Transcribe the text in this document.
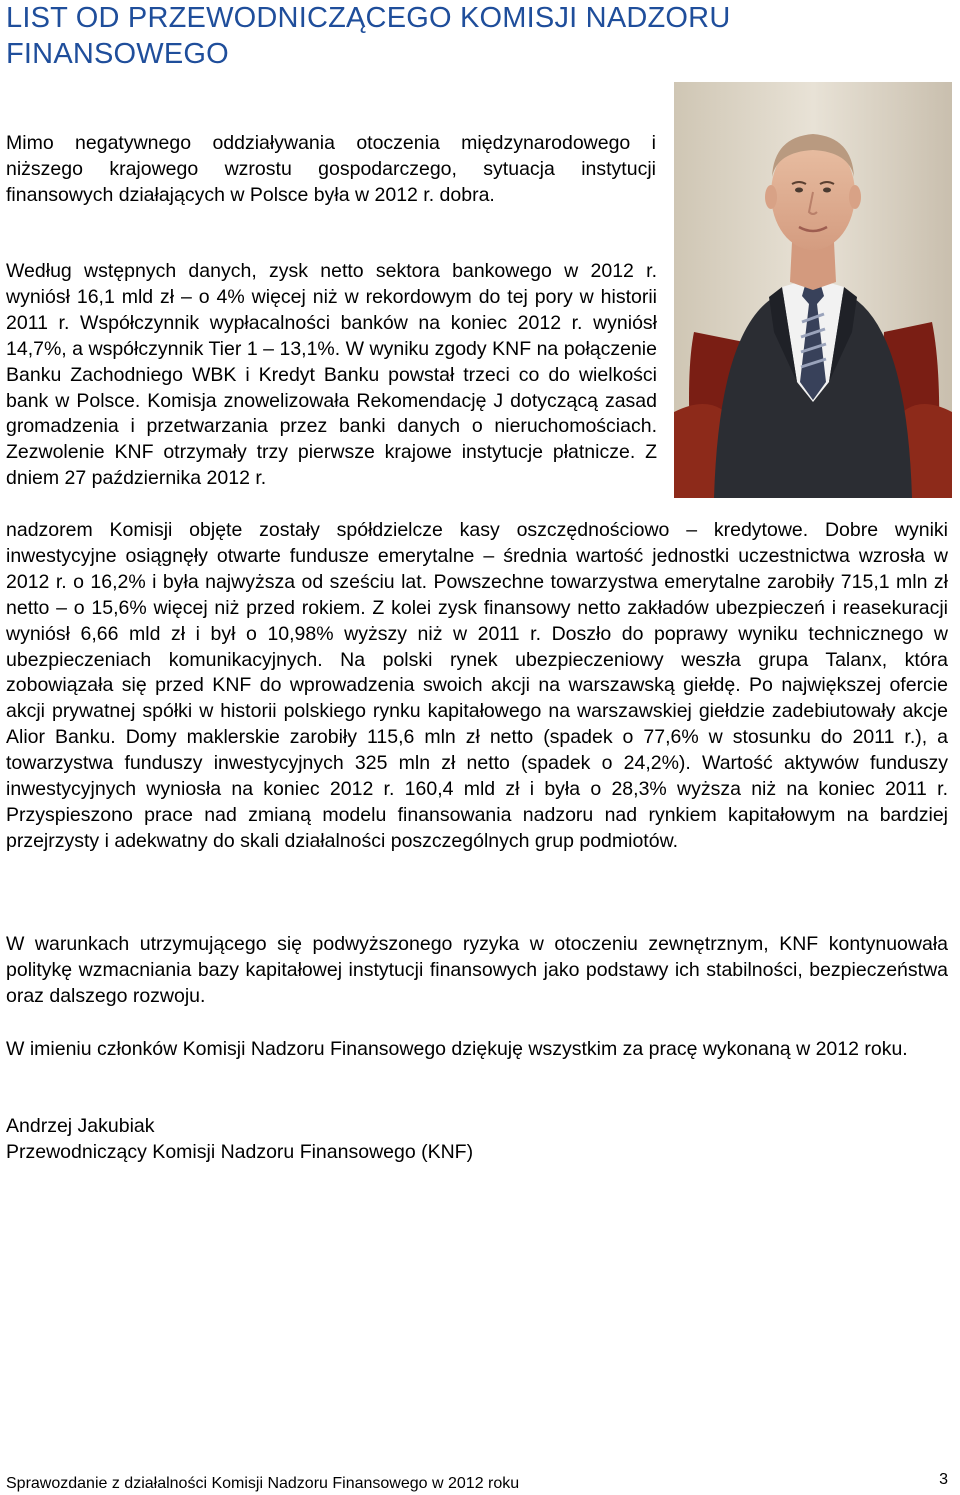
LIST OD PRZEWODNICZĄCEGO KOMISJI NADZORU FINANSOWEGO

Mimo negatywnego oddziaływania otoczenia międzynarodowego i niższego krajowego wzrostu gospodarczego, sytuacja instytucji finansowych działających w Polsce była w 2012 r. dobra.

Według wstępnych danych, zysk netto sektora bankowego w 2012 r. wyniósł 16,1 mld zł – o 4% więcej niż w rekordowym do tej pory w historii 2011 r. Współczynnik wypłacalności banków na koniec 2012 r. wyniósł 14,7%, a współczynnik Tier 1 – 13,1%. W wyniku zgody KNF na połączenie Banku Zachodniego WBK i Kredyt Banku powstał trzeci co do wielkości bank w Polsce. Komisja znowelizowała Rekomendację J dotyczącą zasad gromadzenia i przetwarzania przez banki danych o nieruchomościach. Zezwolenie KNF otrzymały trzy pierwsze krajowe instytucje płatnicze. Z dniem 27 października 2012 r.

nadzorem Komisji objęte zostały spółdzielcze kasy oszczędnościowo – kredytowe. Dobre wyniki inwestycyjne osiągnęły otwarte fundusze emerytalne – średnia wartość jednostki uczestnictwa wzrosła w 2012 r. o 16,2% i była najwyższa od sześciu lat. Powszechne towarzystwa emerytalne zarobiły 715,1 mln zł netto – o 15,6% więcej niż przed rokiem. Z kolei zysk finansowy netto zakładów ubezpieczeń i reasekuracji wyniósł 6,66 mld zł i był o 10,98% wyższy niż w 2011 r. Doszło do poprawy wyniku technicznego w ubezpieczeniach komunikacyjnych. Na polski rynek ubezpieczeniowy weszła grupa Talanx, która zobowiązała się przed KNF do wprowadzenia swoich akcji na warszawską giełdę. Po największej ofercie akcji prywatnej spółki w historii polskiego rynku kapitałowego na warszawskiej giełdzie zadebiutowały akcje Alior Banku. Domy maklerskie zarobiły 115,6 mln zł netto (spadek o 77,6% w stosunku do 2011 r.), a towarzystwa funduszy inwestycyjnych 325 mln zł netto (spadek o 24,2%). Wartość aktywów funduszy inwestycyjnych wyniosła na koniec 2012 r. 160,4 mld zł i była o 28,3% wyższa niż na koniec 2011 r. Przyspieszono prace nad zmianą modelu finansowania nadzoru nad rynkiem kapitałowym na bardziej przejrzysty i adekwatny do skali działalności poszczególnych grup podmiotów.

W warunkach utrzymującego się podwyższonego ryzyka w otoczeniu zewnętrznym, KNF kontynuowała politykę wzmacniania bazy kapitałowej instytucji finansowych jako podstawy ich stabilności, bezpieczeństwa oraz dalszego rozwoju.

W imieniu członków Komisji Nadzoru Finansowego dziękuję wszystkim za pracę wykonaną w 2012 roku.

Andrzej Jakubiak
Przewodniczący Komisji Nadzoru Finansowego (KNF)
Sprawozdanie z działalności Komisji Nadzoru Finansowego w 2012 roku	3
